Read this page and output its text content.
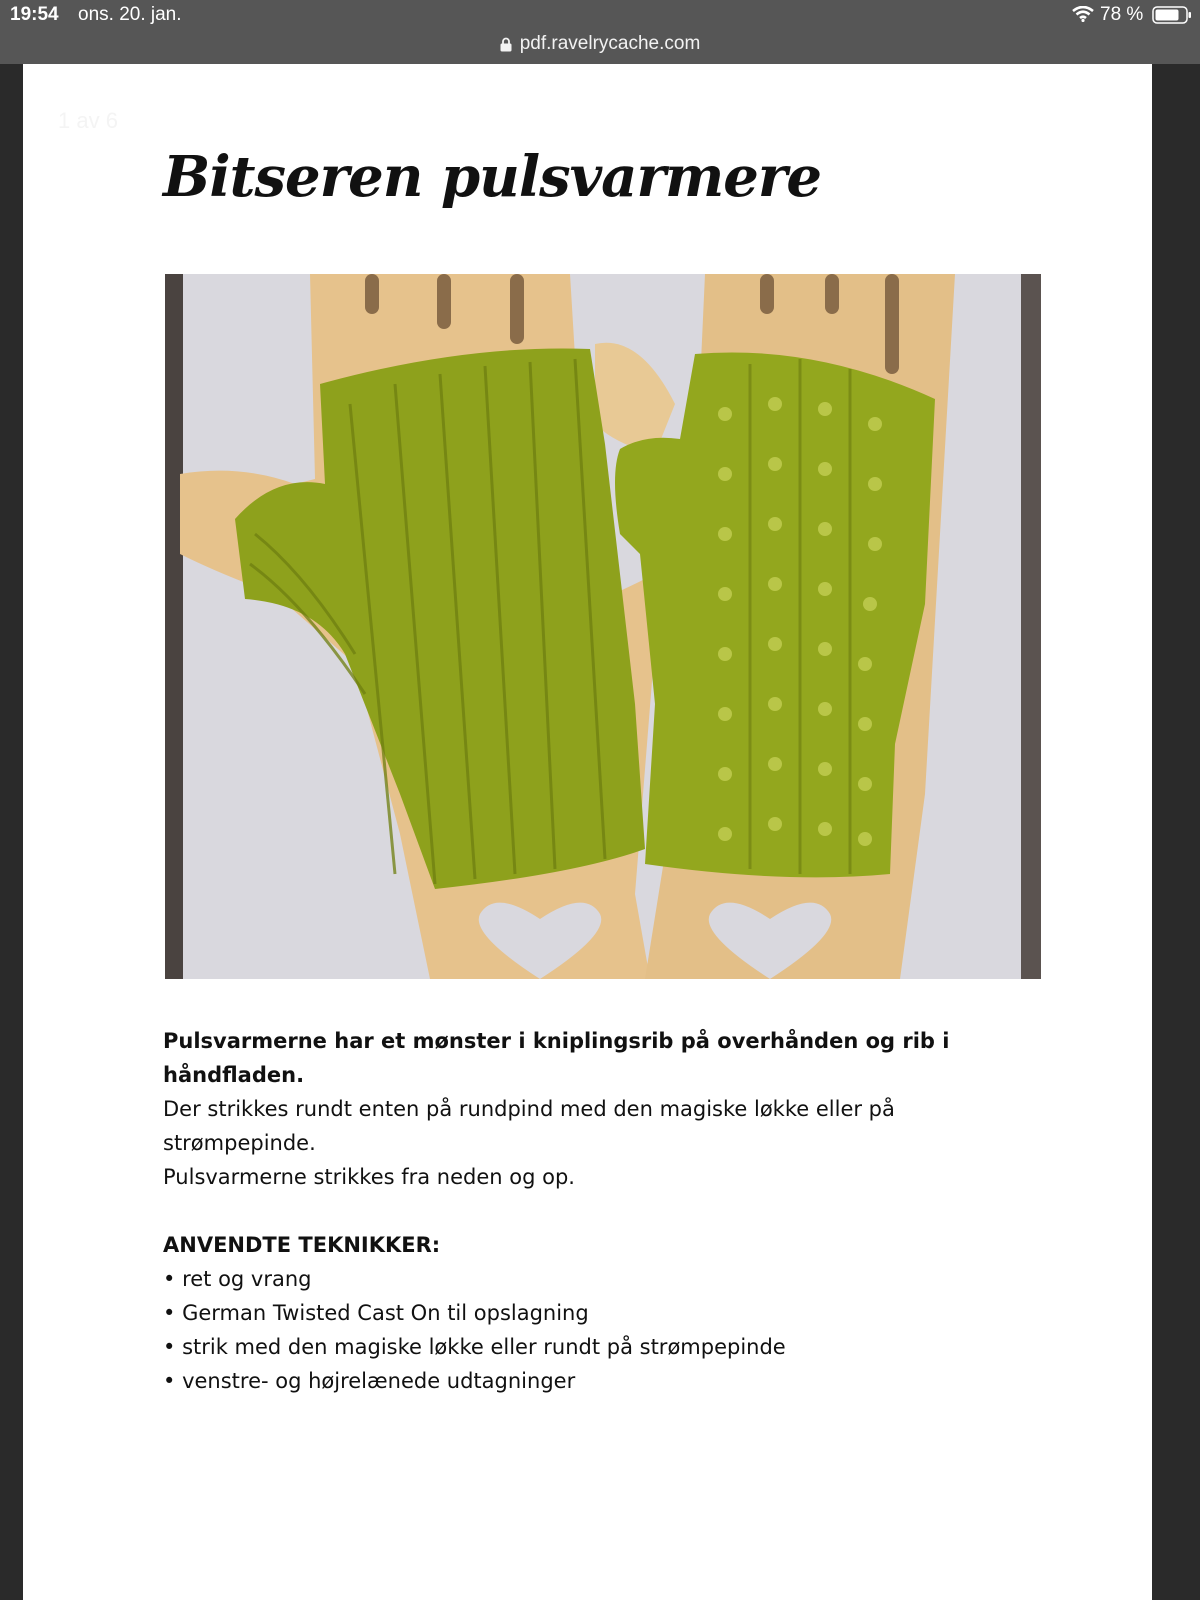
19:54 ons. 20. jan.	78 %
pdf.ravelrycache.com
1 av 6
Bitseren pulsvarmere

Pulsvarmerne har et mønster i kniplingsrib på overhånden og rib i håndfladen.

Der strikkes rundt enten på rundpind med den magiske løkke eller på strømpepinde.

Pulsvarmerne strikkes fra neden og op.

ANVENDTE TEKNIKKER:

• ret og vrang
• German Twisted Cast On til opslagning
• strik med den magiske løkke eller rundt på strømpepinde
• venstre- og højrelænede udtagninger
